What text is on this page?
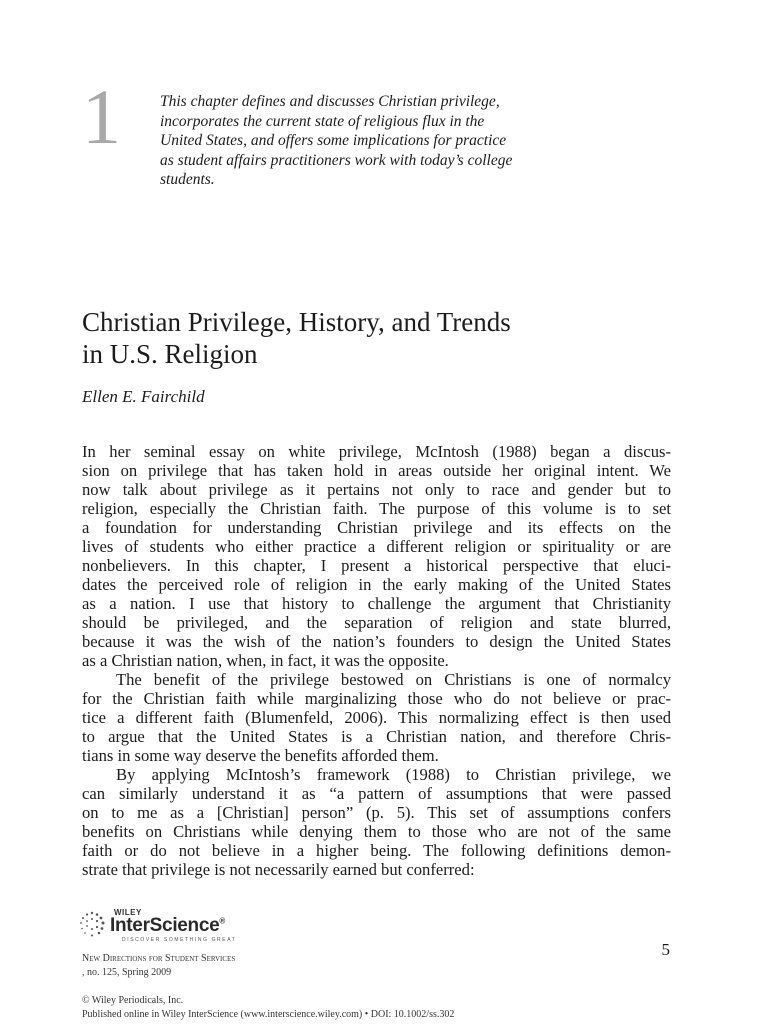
1	This chapter defines and discusses Christian privilege,
incorporates the current state of religious flux in the
United States, and offers some implications for practice
as student affairs practitioners work with today’s college
students.
Christian Privilege, History, and Trends
in U.S. Religion
Ellen E. Fairchild
In her seminal essay on white privilege, McIntosh (1988) began a discus-
sion on privilege that has taken hold in areas outside her original intent. We
now talk about privilege as it pertains not only to race and gender but to
religion, especially the Christian faith. The purpose of this volume is to set
a foundation for understanding Christian privilege and its effects on the
lives of students who either practice a different religion or spirituality or are
nonbelievers. In this chapter, I present a historical perspective that eluci-
dates the perceived role of religion in the early making of the United States
as a nation. I use that history to challenge the argument that Christianity
should be privileged, and the separation of religion and state blurred,
because it was the wish of the nation’s founders to design the United States
as a Christian nation, when, in fact, it was the opposite.
The benefit of the privilege bestowed on Christians is one of normalcy
for the Christian faith while marginalizing those who do not believe or prac-
tice a different faith (Blumenfeld, 2006). This normalizing effect is then used
to argue that the United States is a Christian nation, and therefore Chris-
tians in some way deserve the benefits afforded them.
By applying McIntosh’s framework (1988) to Christian privilege, we
can similarly understand it as “a pattern of assumptions that were passed
on to me as a [Christian] person” (p. 5). This set of assumptions confers
benefits on Christians while denying them to those who are not of the same
faith or do not believe in a higher being. The following definitions demon-
strate that privilege is not necessarily earned but conferred:
WILEY
InterScience®
DISCOVER SOMETHING GREAT
New Directions for Student Services
, no. 125, Spring 2009

© Wiley Periodicals, Inc.
Published online in Wiley InterScience (www.interscience.wiley.com) • DOI: 10.1002/ss.302
5
